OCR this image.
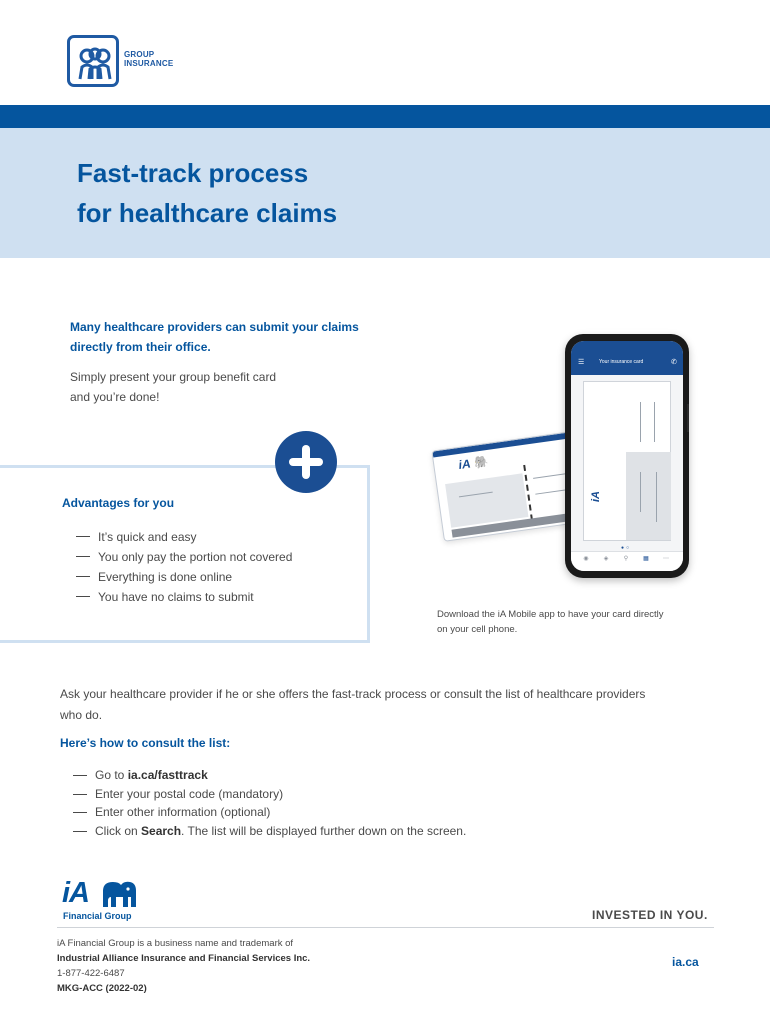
GROUP
INSURANCE
Fast-track process
for healthcare claims
Many healthcare providers can submit your claims
directly from their office.
Simply present your group benefit card
and you’re done!
Advantages for you
It’s quick and easy
You only pay the portion not covered
Everything is done online
You have no claims to submit
iA 🐘
☰	Your insurance card	✆
iA
●○
◉	◈	⚲	▦	⋯
Download the iA Mobile app to have your card directly
on your cell phone.
Ask your healthcare provider if he or she offers the fast-track process or consult the list of healthcare providers
who do.
Here’s how to consult the list:
Go to ia.ca/fasttrack
Enter your postal code (mandatory)
Enter other information (optional)
Click on Search. The list will be displayed further down on the screen.
iA
Financial Group	INVESTED IN YOU.
iA Financial Group is a business name and trademark of
Industrial Alliance Insurance and Financial Services Inc.
1-877-422-6487
MKG-ACC (2022-02)
ia.ca
